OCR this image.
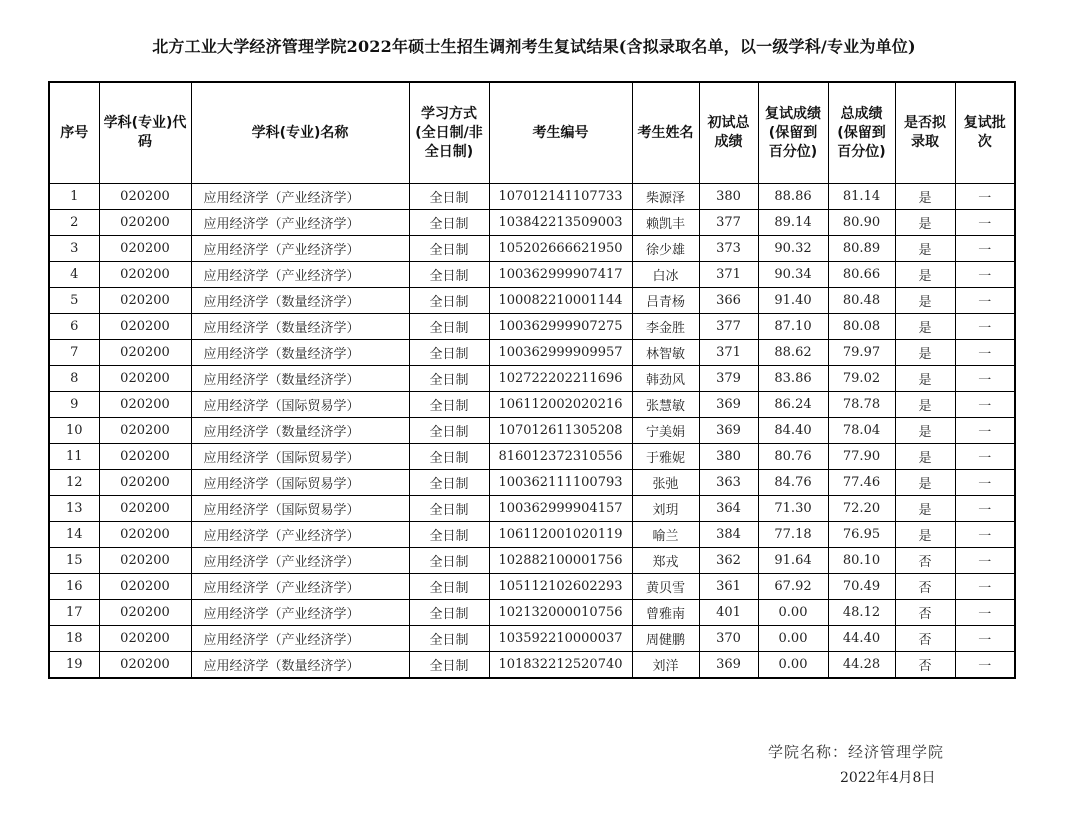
北方工业大学经济管理学院2022年硕士生招生调剂考生复试结果(含拟录取名单，以一级学科/专业为单位)
序号	学科(专业)代码	学科(专业)名称	学习方式(全日制/非全日制)	考生编号	考生姓名	初试总成绩	复试成绩(保留到百分位)	总成绩(保留到百分位)	是否拟录取	复试批次
1	020200	应用经济学（产业经济学）	全日制	107012141107733	柴源泽	380	88.86	81.14	是	一
2	020200	应用经济学（产业经济学）	全日制	103842213509003	赖凯丰	377	89.14	80.90	是	一
3	020200	应用经济学（产业经济学）	全日制	105202666621950	徐少雄	373	90.32	80.89	是	一
4	020200	应用经济学（产业经济学）	全日制	100362999907417	白冰	371	90.34	80.66	是	一
5	020200	应用经济学（数量经济学）	全日制	100082210001144	吕青杨	366	91.40	80.48	是	一
6	020200	应用经济学（数量经济学）	全日制	100362999907275	李金胜	377	87.10	80.08	是	一
7	020200	应用经济学（数量经济学）	全日制	100362999909957	林智敏	371	88.62	79.97	是	一
8	020200	应用经济学（数量经济学）	全日制	102722202211696	韩劲风	379	83.86	79.02	是	一
9	020200	应用经济学（国际贸易学）	全日制	106112002020216	张慧敏	369	86.24	78.78	是	一
10	020200	应用经济学（数量经济学）	全日制	107012611305208	宁美娟	369	84.40	78.04	是	一
11	020200	应用经济学（国际贸易学）	全日制	816012372310556	于雅妮	380	80.76	77.90	是	一
12	020200	应用经济学（国际贸易学）	全日制	100362111100793	张弛	363	84.76	77.46	是	一
13	020200	应用经济学（国际贸易学）	全日制	100362999904157	刘玥	364	71.30	72.20	是	一
14	020200	应用经济学（产业经济学）	全日制	106112001020119	喻兰	384	77.18	76.95	是	一
15	020200	应用经济学（产业经济学）	全日制	102882100001756	郑戎	362	91.64	80.10	否	一
16	020200	应用经济学（产业经济学）	全日制	105112102602293	黄贝雪	361	67.92	70.49	否	一
17	020200	应用经济学（产业经济学）	全日制	102132000010756	曾雅南	401	0.00	48.12	否	一
18	020200	应用经济学（产业经济学）	全日制	103592210000037	周健鹏	370	0.00	44.40	否	一
19	020200	应用经济学（数量经济学）	全日制	101832212520740	刘洋	369	0.00	44.28	否	一
学院名称：经济管理学院
2022年4月8日
